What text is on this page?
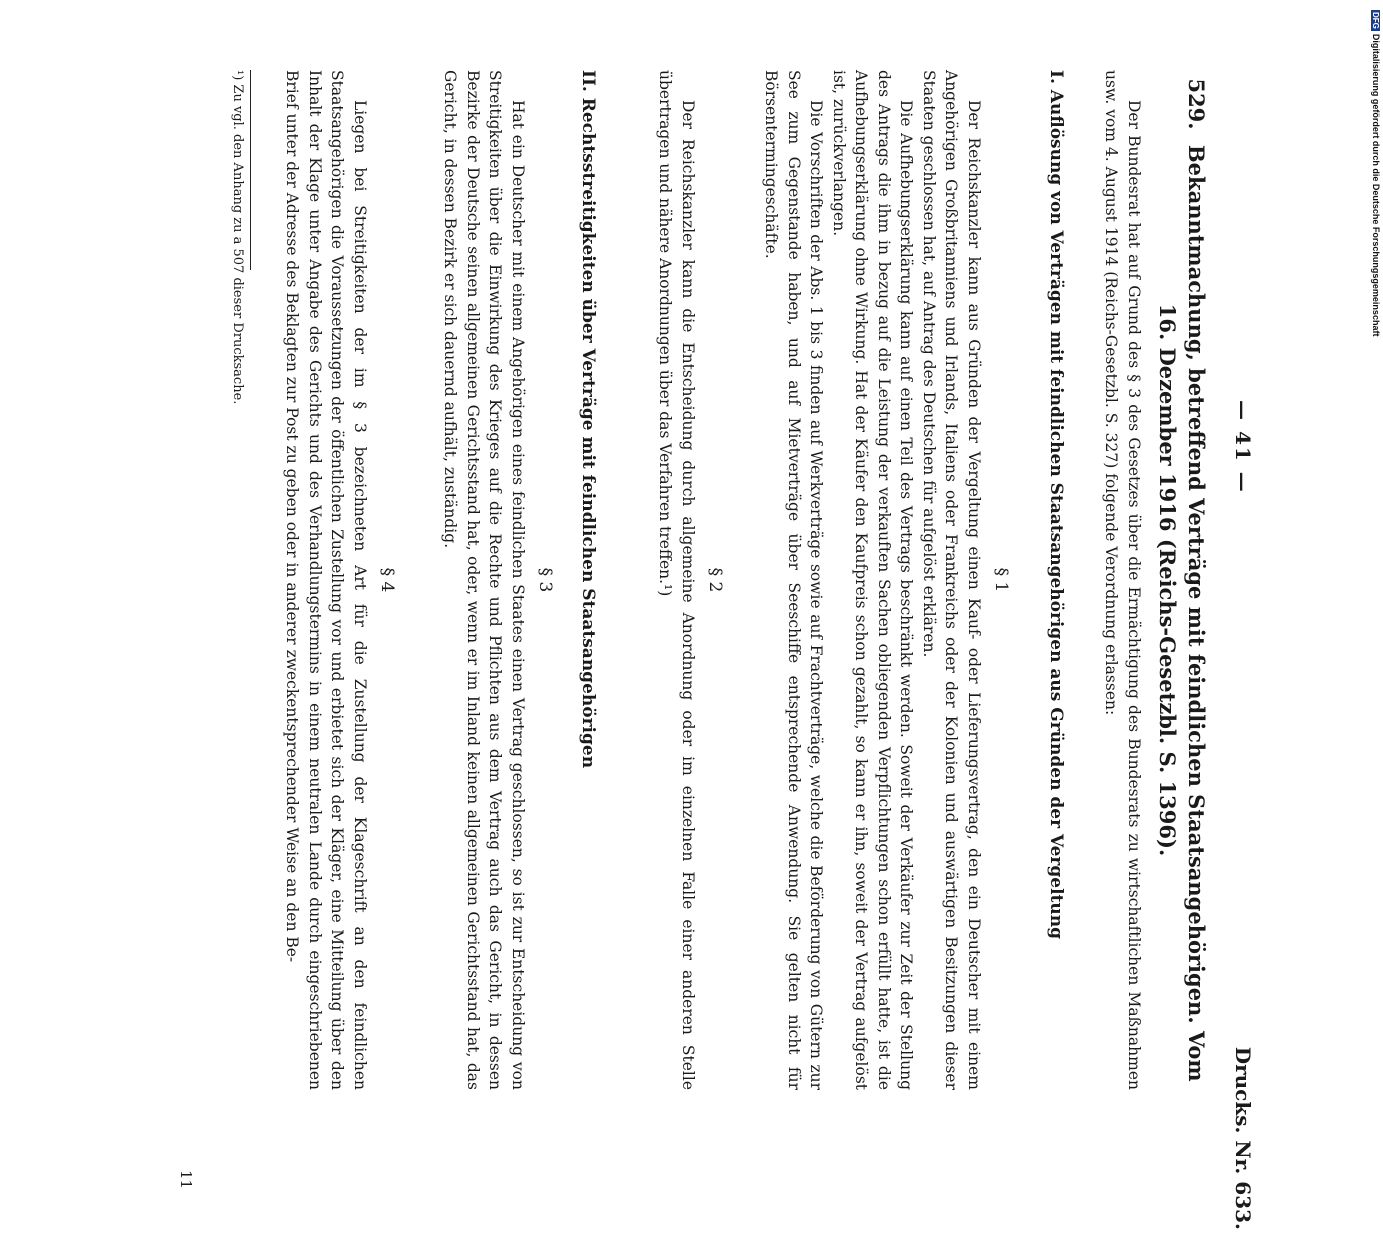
— 41 —
Drucks. Nr. 633.
529. Bekanntmachung, betreffend Verträge mit feindlichen Staatsangehörigen. Vom 16. Dezember 1916 (Reichs-Gesetzbl. S. 1396).

Der Bundesrat hat auf Grund des § 3 des Gesetzes über die Ermächtigung des Bundesrats zu wirtschaftlichen Maßnahmen usw. vom 4. August 1914 (Reichs-Gesetzbl. S. 327) folgende Verordnung erlassen:

I. Auflösung von Verträgen mit feindlichen Staatsangehörigen aus Gründen der Vergeltung
§ 1

Der Reichskanzler kann aus Gründen der Vergeltung einen Kauf- oder Lieferungsvertrag, den ein Deutscher mit einem Angehörigen Großbritanniens und Irlands, Italiens oder Frankreichs oder der Kolonien und auswärtigen Besitzungen dieser Staaten geschlossen hat, auf Antrag des Deutschen für aufgelöst erklären.

Die Aufhebungserklärung kann auf einen Teil des Vertrags beschränkt werden. Soweit der Verkäufer zur Zeit der Stellung des Antrags die ihm in bezug auf die Leistung der verkauften Sachen obliegenden Verpflichtungen schon erfüllt hatte, ist die Aufhebungserklärung ohne Wirkung. Hat der Käufer den Kaufpreis schon gezahlt, so kann er ihn, soweit der Vertrag aufgelöst ist, zurückverlangen.

Die Vorschriften der Abs. 1 bis 3 finden auf Werkverträge sowie auf Frachtverträge, welche die Beförderung von Gütern zur See zum Gegenstande haben, und auf Mietverträge über Seeschiffe entsprechende Anwendung. Sie gelten nicht für Börsentermingeschäfte.

§ 2

Der Reichskanzler kann die Entscheidung durch allgemeine Anordnung oder im einzelnen Falle einer anderen Stelle übertragen und nähere Anordnungen über das Verfahren treffen.¹)

II. Rechtsstreitigkeiten über Verträge mit feindlichen Staatsangehörigen
§ 3

Hat ein Deutscher mit einem Angehörigen eines feindlichen Staates einen Vertrag geschlossen, so ist zur Entscheidung von Streitigkeiten über die Einwirkung des Krieges auf die Rechte und Pflichten aus dem Vertrag auch das Gericht, in dessen Bezirke der Deutsche seinen allgemeinen Gerichtsstand hat, oder, wenn er im Inland keinen allgemeinen Gerichtsstand hat, das Gericht, in dessen Bezirk er sich dauernd aufhält, zuständig.

§ 4

Liegen bei Streitigkeiten der im § 3 bezeichneten Art für die Zustellung der Klageschrift an den feindlichen Staatsangehörigen die Voraussetzungen der öffentlichen Zustellung vor und erbietet sich der Kläger, eine Mitteilung über den Inhalt der Klage unter Angabe des Gerichts und des Verhandlungstermins in einem neutralen Lande durch eingeschriebenen Brief unter der Adresse des Beklagten zur Post zu geben oder in anderer zweckentsprechender Weise an den Be-

¹) Zu vgl. den Anhang zu a 507 dieser Drucksache.
11
DFGDigitalisierung gefördert durch die Deutsche Forschungsgemeinschaft
